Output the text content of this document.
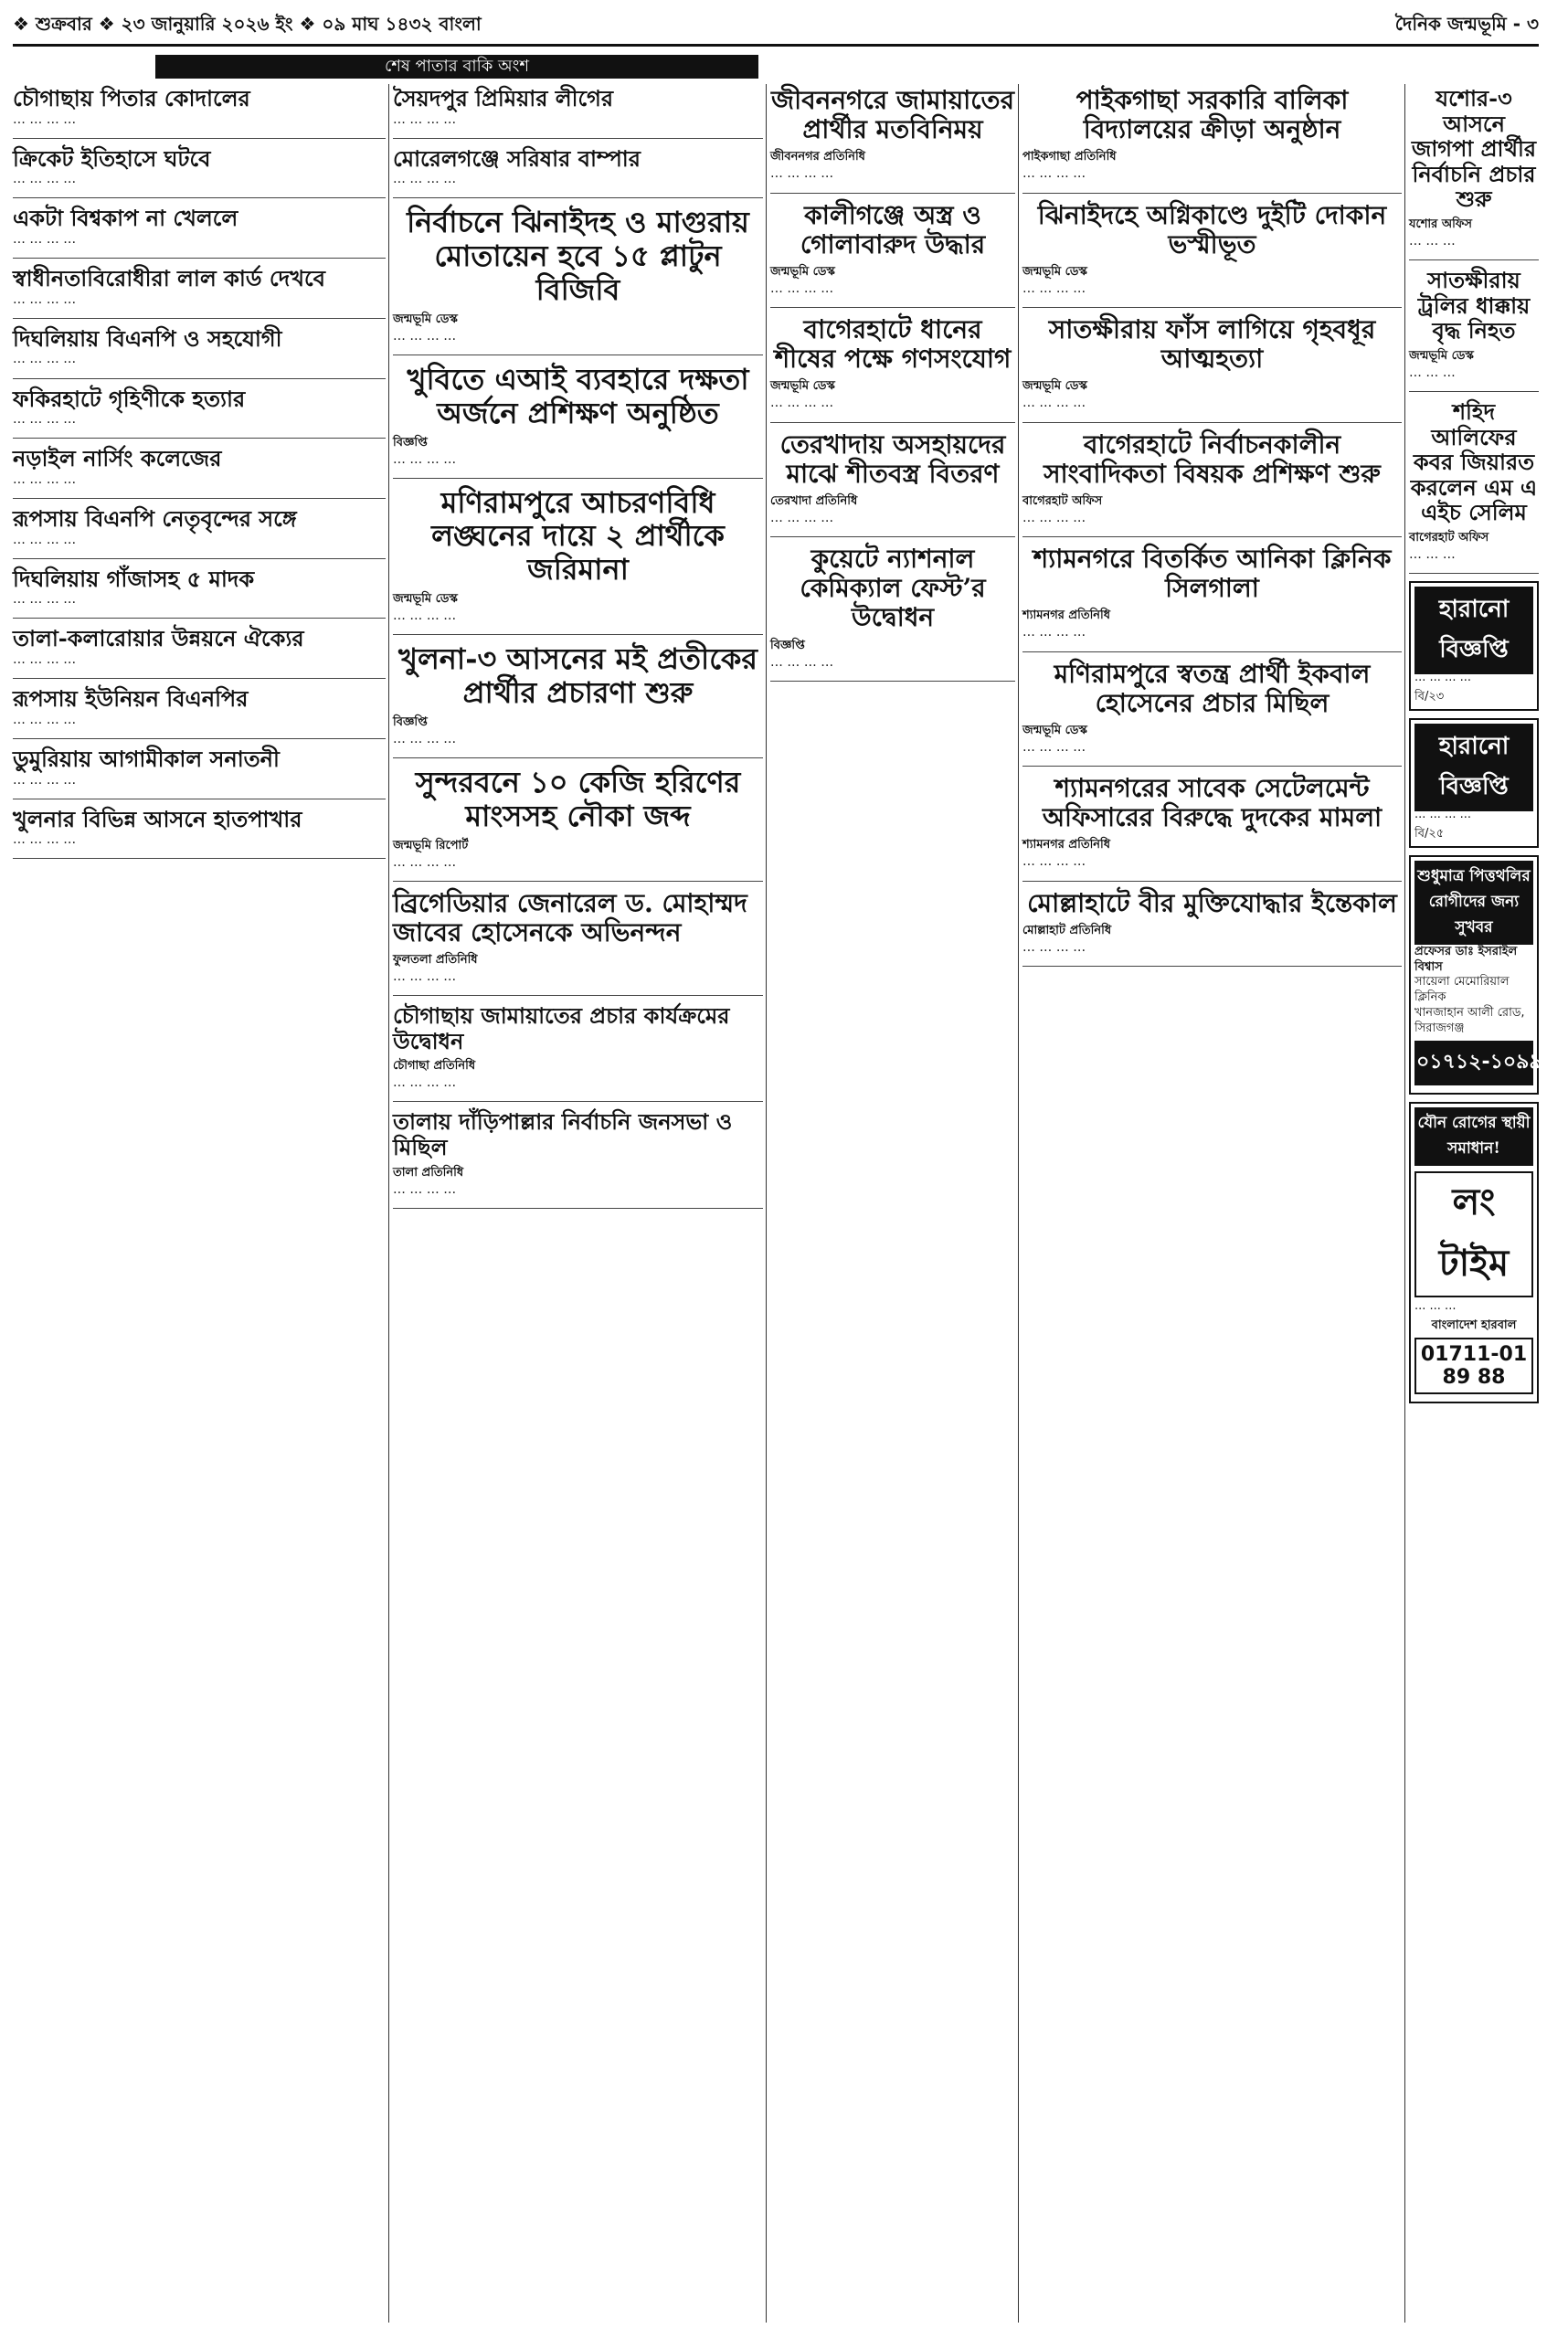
❖ শুক্রবার ❖ ২৩ জানুয়ারি ২০২৬ ইং ❖ ০৯ মাঘ ১৪৩২ বাংলা	দৈনিক জন্মভূমি - ৩
শেষ পাতার বাকি অংশ
চৌগাছায় পিতার কোদালের
··· ··· ··· ···
ক্রিকেট ইতিহাসে ঘটবে
··· ··· ··· ···
একটা বিশ্বকাপ না খেললে
··· ··· ··· ···
স্বাধীনতাবিরোধীরা লাল কার্ড দেখবে
··· ··· ··· ···
দিঘলিয়ায় বিএনপি ও সহযোগী
··· ··· ··· ···
ফকিরহাটে গৃহিণীকে হত্যার
··· ··· ··· ···
নড়াইল নার্সিং কলেজের
··· ··· ··· ···
রূপসায় বিএনপি নেতৃবৃন্দের সঙ্গে
··· ··· ··· ···
দিঘলিয়ায় গাঁজাসহ ৫ মাদক
··· ··· ··· ···
তালা-কলারোয়ার উন্নয়নে ঐক্যের
··· ··· ··· ···
রূপসায় ইউনিয়ন বিএনপির
··· ··· ··· ···
ডুমুরিয়ায় আগামীকাল সনাতনী
··· ··· ··· ···
খুলনার বিভিন্ন আসনে হাতপাখার
··· ··· ··· ···
সৈয়দপুর প্রিমিয়ার লীগের
··· ··· ··· ···
মোরেলগঞ্জে সরিষার বাম্পার
··· ··· ··· ···
নির্বাচনে ঝিনাইদহ ও মাগুরায় মোতায়েন হবে ১৫ প্লাটুন বিজিবি
জন্মভূমি ডেস্ক
··· ··· ··· ···
খুবিতে এআই ব্যবহারে দক্ষতা অর্জনে প্রশিক্ষণ অনুষ্ঠিত
বিজ্ঞপ্তি
··· ··· ··· ···
মণিরামপুরে আচরণবিধি লঙ্ঘনের দায়ে ২ প্রার্থীকে জরিমানা
জন্মভূমি ডেস্ক
··· ··· ··· ···
খুলনা-৩ আসনের মই প্রতীকের প্রার্থীর প্রচারণা শুরু
বিজ্ঞপ্তি
··· ··· ··· ···
সুন্দরবনে ১০ কেজি হরিণের মাংসসহ নৌকা জব্দ
জন্মভূমি রিপোর্ট
··· ··· ··· ···
ব্রিগেডিয়ার জেনারেল ড. মোহাম্মদ জাবের হোসেনকে অভিনন্দন
ফুলতলা প্রতিনিধি
··· ··· ··· ···
চৌগাছায় জামায়াতের প্রচার কার্যক্রমের উদ্বোধন
চৌগাছা প্রতিনিধি
··· ··· ··· ···
তালায় দাঁড়িপাল্লার নির্বাচনি জনসভা ও মিছিল
তালা প্রতিনিধি
··· ··· ··· ···
জীবননগরে জামায়াতের প্রার্থীর মতবিনিময়
জীবননগর প্রতিনিধি
··· ··· ··· ···
কালীগঞ্জে অস্ত্র ও গোলাবারুদ উদ্ধার
জন্মভূমি ডেস্ক
··· ··· ··· ···
বাগেরহাটে ধানের শীষের পক্ষে গণসংযোগ
জন্মভূমি ডেস্ক
··· ··· ··· ···
তেরখাদায় অসহায়দের মাঝে শীতবস্ত্র বিতরণ
তেরখাদা প্রতিনিধি
··· ··· ··· ···
কুয়েটে ন্যাশনাল কেমিক্যাল ফেস্ট’র উদ্বোধন
বিজ্ঞপ্তি
··· ··· ··· ···
পাইকগাছা সরকারি বালিকা বিদ্যালয়ের ক্রীড়া অনুষ্ঠান
পাইকগাছা প্রতিনিধি
··· ··· ··· ···
ঝিনাইদহে অগ্নিকাণ্ডে দুইটি দোকান ভস্মীভূত
জন্মভূমি ডেস্ক
··· ··· ··· ···
সাতক্ষীরায় ফাঁস লাগিয়ে গৃহবধূর আত্মহত্যা
জন্মভূমি ডেস্ক
··· ··· ··· ···
বাগেরহাটে নির্বাচনকালীন সাংবাদিকতা বিষয়ক প্রশিক্ষণ শুরু
বাগেরহাট অফিস
··· ··· ··· ···
শ্যামনগরে বিতর্কিত আনিকা ক্লিনিক সিলগালা
শ্যামনগর প্রতিনিধি
··· ··· ··· ···
মণিরামপুরে স্বতন্ত্র প্রার্থী ইকবাল হোসেনের প্রচার মিছিল
জন্মভূমি ডেস্ক
··· ··· ··· ···
শ্যামনগরের সাবেক সেটেলমেন্ট অফিসারের বিরুদ্ধে দুদকের মামলা
শ্যামনগর প্রতিনিধি
··· ··· ··· ···
মোল্লাহাটে বীর মুক্তিযোদ্ধার ইন্তেকাল
মোল্লাহাট প্রতিনিধি
··· ··· ··· ···
যশোর-৩ আসনে জাগপা প্রার্থীর নির্বাচনি প্রচার শুরু
যশোর অফিস
··· ··· ···
সাতক্ষীরায় ট্রলির ধাক্কায় বৃদ্ধ নিহত
জন্মভূমি ডেস্ক
··· ··· ···
শহিদ আলিফের কবর জিয়ারত করলেন এম এ এইচ সেলিম
বাগেরহাট অফিস
··· ··· ···
হারানো বিজ্ঞপ্তি
··· ··· ··· ···
বি/২৩
হারানো বিজ্ঞপ্তি
··· ··· ··· ···
বি/২৫
শুধুমাত্র পিত্তথলির রোগীদের জন্য সুখবর
প্রফেসর ডাঃ ইসরাইল বিশ্বাস
সায়েলা মেমোরিয়াল ক্লিনিক
খানজাহান আলী রোড, সিরাজগঞ্জ
০১৭১২-১০৯৯০০
যৌন রোগের স্থায়ী সমাধান!
লং টাইম
··· ··· ···
বাংলাদেশ হারবাল
01711-01 89 88
